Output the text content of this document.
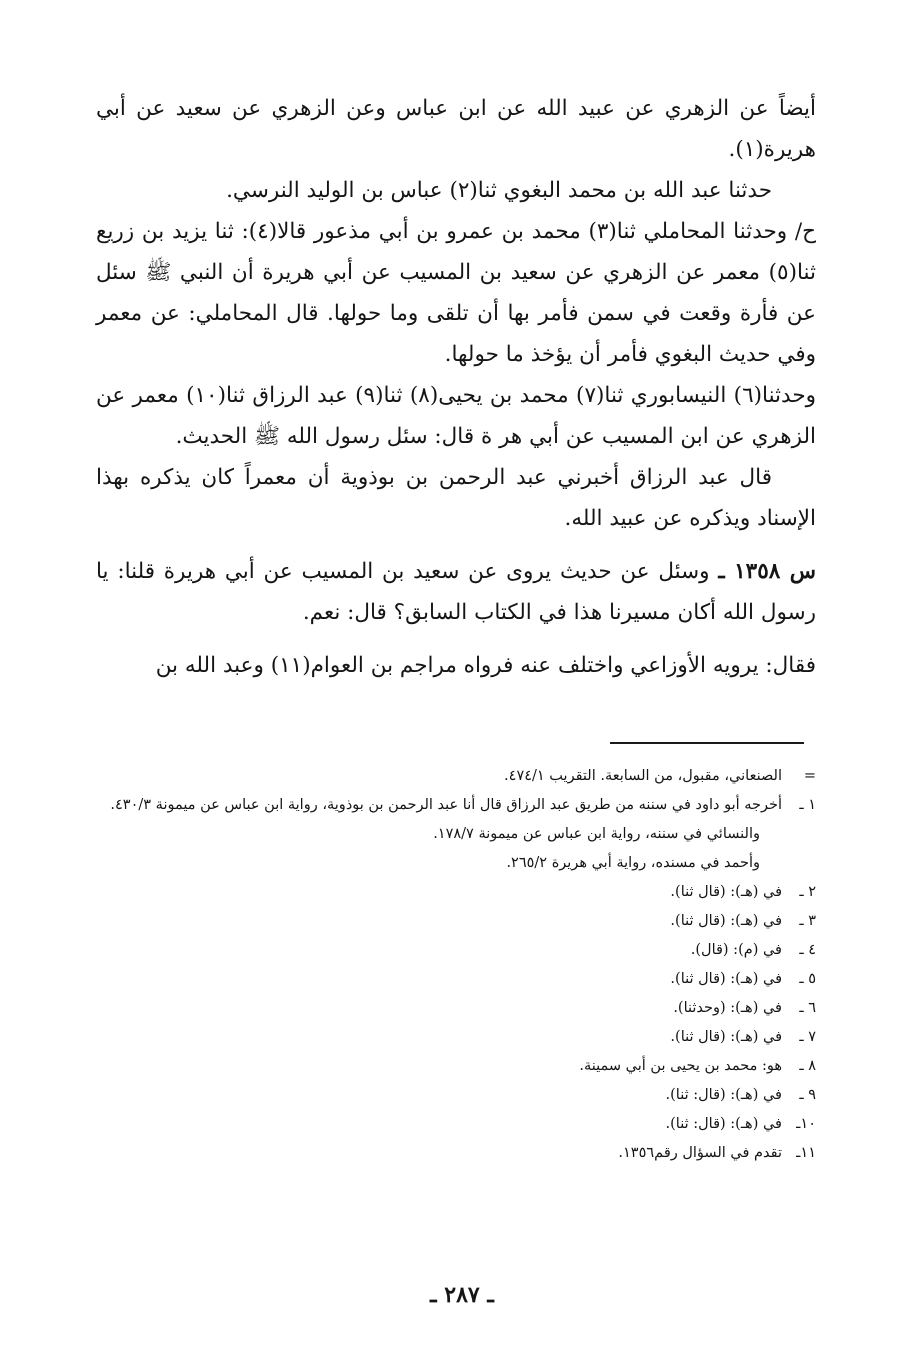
أيضاً عن الزهري عن عبيد الله عن ابن عباس وعن الزهري عن سعيد عن أبي هريرة(١).

حدثنا عبد الله بن محمد البغوي ثنا(٢) عباس بن الوليد النرسي.

ح/ وحدثنا المحاملي ثنا(٣) محمد بن عمرو بن أبي مذعور قالا(٤): ثنا يزيد بن زريع ثنا(٥) معمر عن الزهري عن سعيد بن المسيب عن أبي هريرة أن النبي ﷺ سئل عن فأرة وقعت في سمن فأمر بها أن تلقى وما حولها. قال المحاملي: عن معمر وفي حديث البغوي فأمر أن يؤخذ ما حولها.

وحدثنا(٦) النيسابوري ثنا(٧) محمد بن يحيى(٨) ثنا(٩) عبد الرزاق ثنا(١٠) معمر عن الزهري عن ابن المسيب عن أبي هر ة قال: سئل رسول الله ﷺ الحديث.

قال عبد الرزاق أخبرني عبد الرحمن بن بوذوية أن معمراً كان يذكره بهذا الإسناد ويذكره عن عبيد الله.

س ١٣٥٨ ـ وسئل عن حديث يروى عن سعيد بن المسيب عن أبي هريرة قلنا: يا رسول الله أكان مسيرنا هذا في الكتاب السابق؟ قال: نعم.

فقال: يرويه الأوزاعي واختلف عنه فرواه مراجم بن العوام(١١) وعبد الله بن

=
الصنعاني، مقبول، من السابعة. التقريب ٤٧٤/١.
١ ـ
أخرجه أبو داود في سننه من طريق عبد الرزاق قال أنا عبد الرحمن بن بوذوية، رواية ابن عباس عن ميمونة ٤٣٠/٣.
والنسائي في سننه، رواية ابن عباس عن ميمونة ١٧٨/٧.
وأحمد في مسنده، رواية أبي هريرة ٢٦٥/٢.
٢ ـ
في (هـ): (قال ثنا).
٣ ـ
في (هـ): (قال ثنا).
٤ ـ
في (م): (قال).
٥ ـ
في (هـ): (قال ثنا).
٦ ـ
في (هـ): (وحدثنا).
٧ ـ
في (هـ): (قال ثنا).
٨ ـ
هو: محمد بن يحيى بن أبي سمينة.
٩ ـ
في (هـ): (قال: ثنا).
١٠ـ
في (هـ): (قال: ثنا).
١١ـ
تقدم في السؤال رقم١٣٥٦.
ـ ٢٨٧ ـ
